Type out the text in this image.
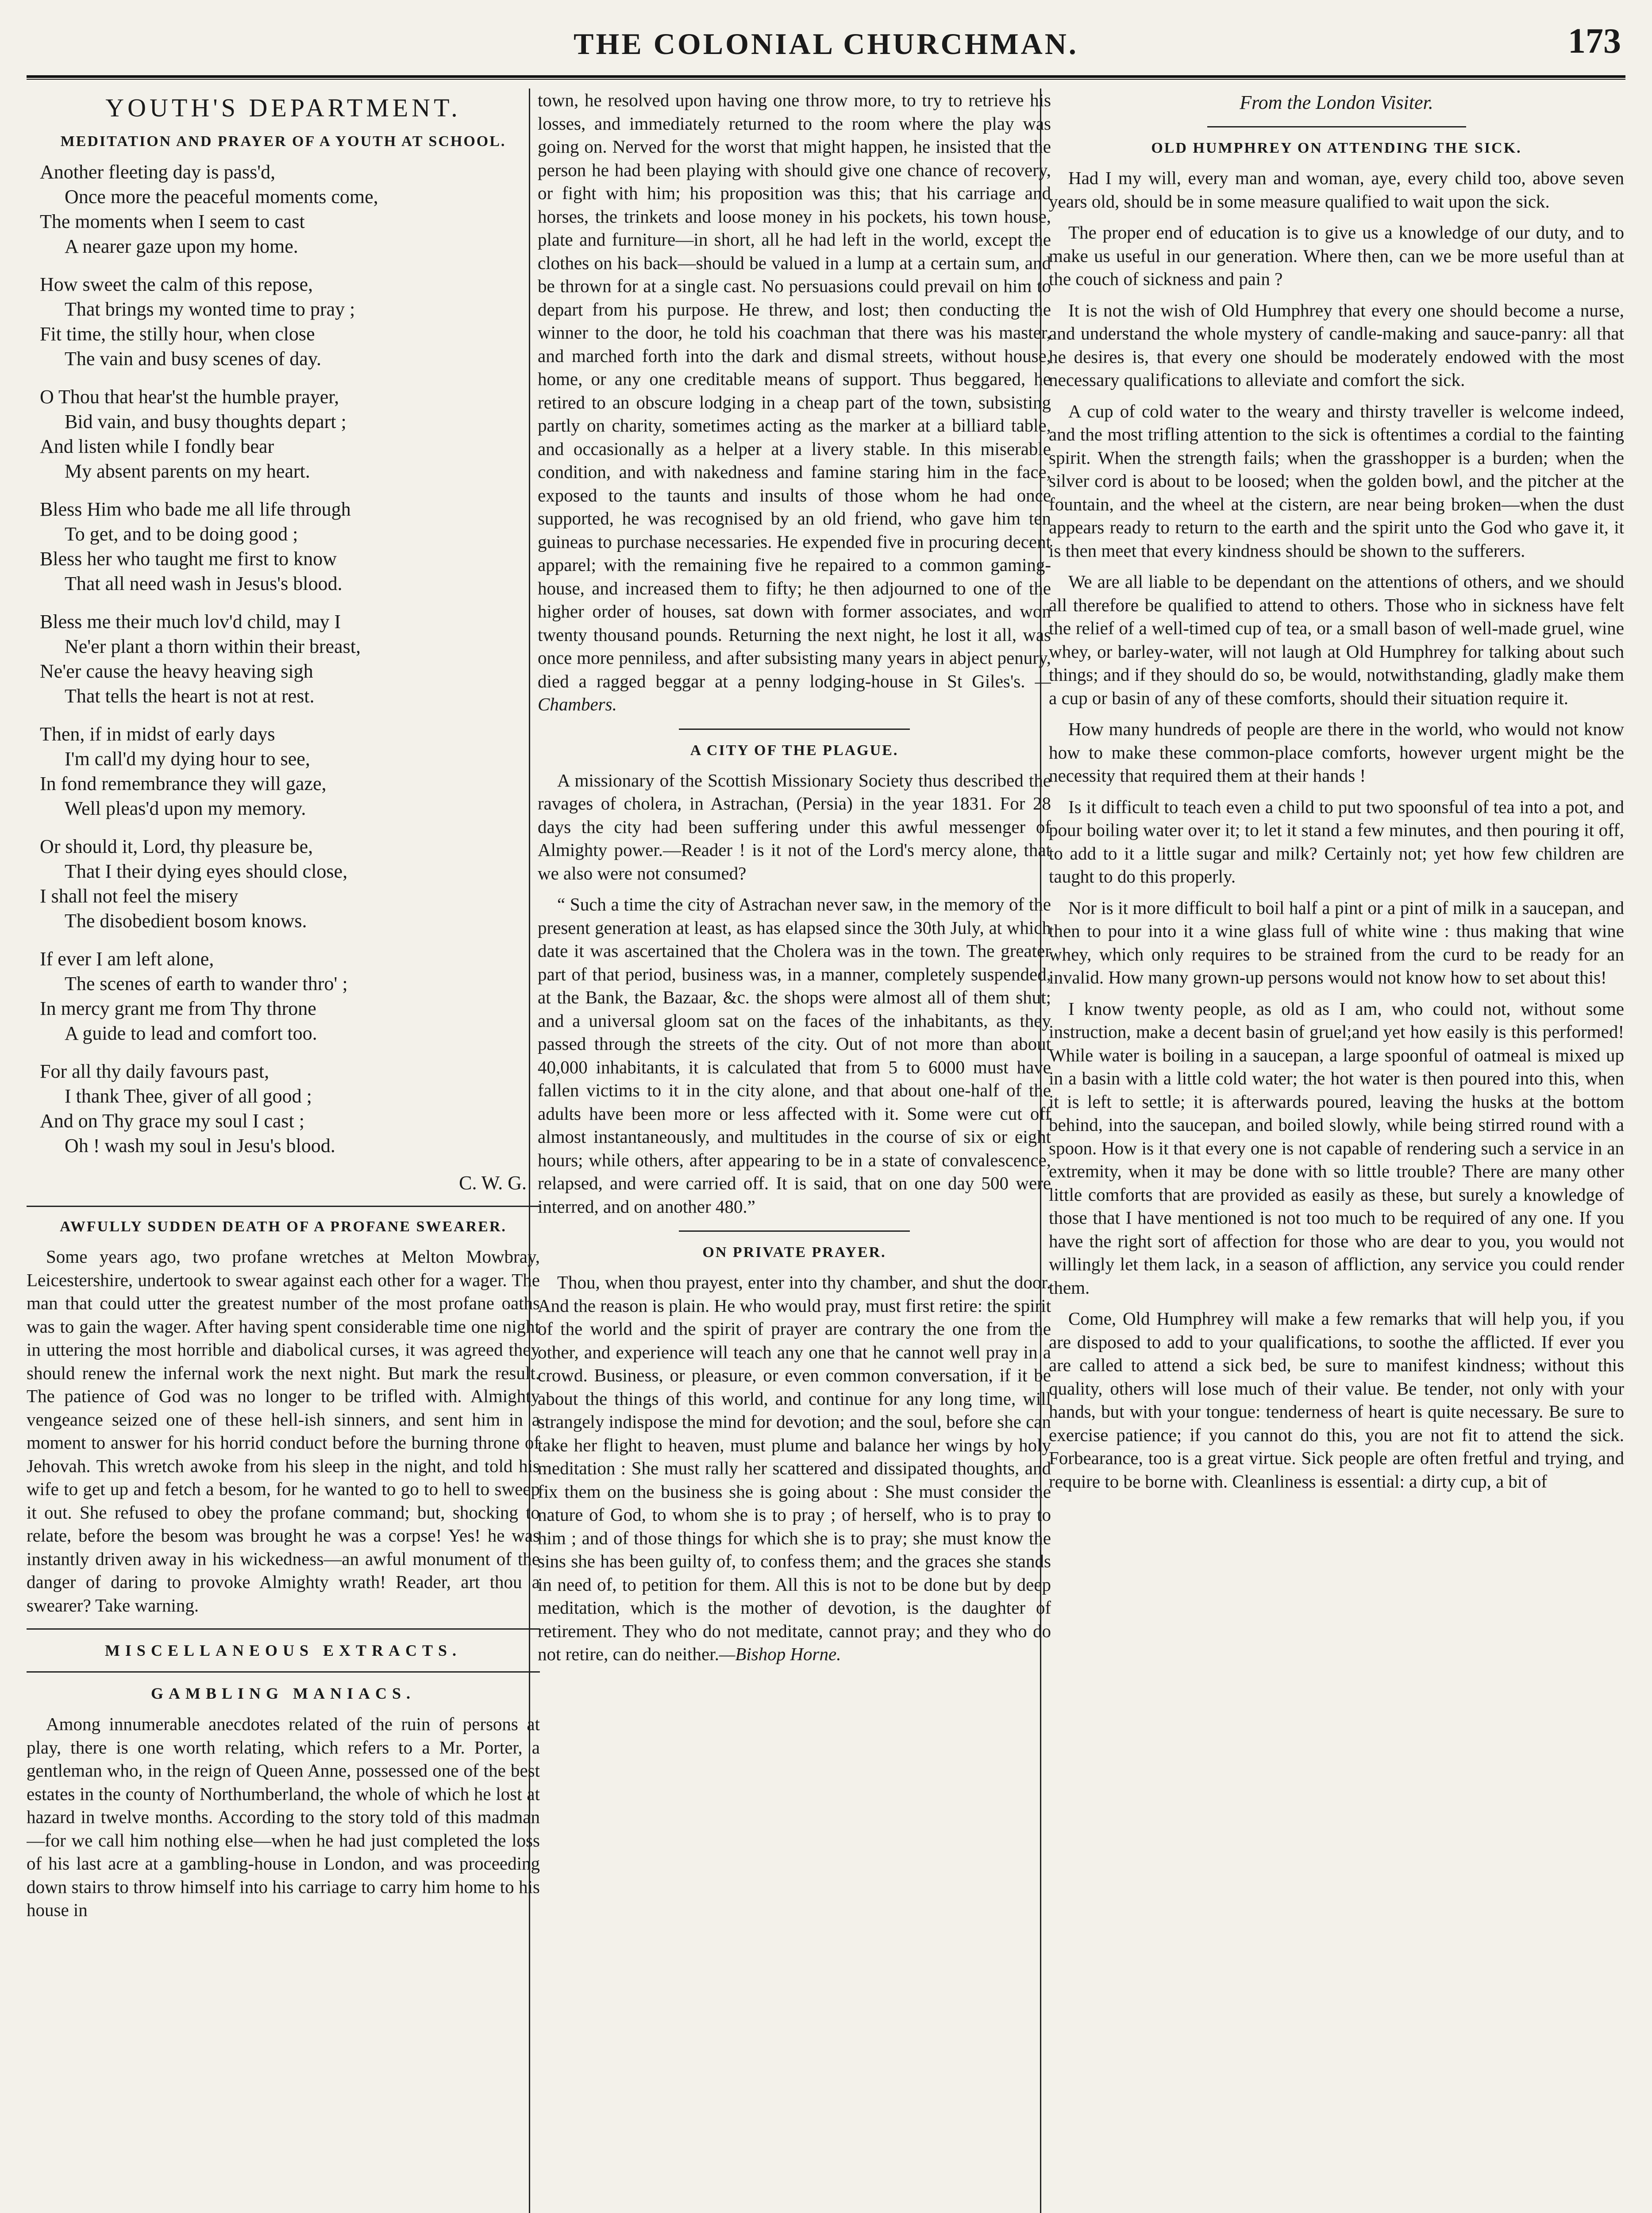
THE COLONIAL CHURCHMAN.	173
YOUTH'S DEPARTMENT.
MEDITATION AND PRAYER OF A YOUTH AT SCHOOL.
Another fleeting day is pass'd,
Once more the peaceful moments come,
The moments when I seem to cast
A nearer gaze upon my home.
How sweet the calm of this repose,
That brings my wonted time to pray ;
Fit time, the stilly hour, when close
The vain and busy scenes of day.
O Thou that hear'st the humble prayer,
Bid vain, and busy thoughts depart ;
And listen while I fondly bear
My absent parents on my heart.
Bless Him who bade me all life through
To get, and to be doing good ;
Bless her who taught me first to know
That all need wash in Jesus's blood.
Bless me their much lov'd child, may I
Ne'er plant a thorn within their breast,
Ne'er cause the heavy heaving sigh
That tells the heart is not at rest.
Then, if in midst of early days
I'm call'd my dying hour to see,
In fond remembrance they will gaze,
Well pleas'd upon my memory.
Or should it, Lord, thy pleasure be,
That I their dying eyes should close,
I shall not feel the misery
The disobedient bosom knows.
If ever I am left alone,
The scenes of earth to wander thro' ;
In mercy grant me from Thy throne
A guide to lead and comfort too.
For all thy daily favours past,
I thank Thee, giver of all good ;
And on Thy grace my soul I cast ;
Oh ! wash my soul in Jesu's blood.
C. W. G.
AWFULLY SUDDEN DEATH OF A PROFANE SWEARER.

Some years ago, two profane wretches at Melton Mowbray, Leicestershire, undertook to swear against each other for a wager. The man that could utter the greatest number of the most profane oaths was to gain the wager. After having spent considerable time one night in uttering the most horrible and diabolical curses, it was agreed they should renew the infernal work the next night. But mark the result. The patience of God was no longer to be trifled with. Almighty vengeance seized one of these hell-ish sinners, and sent him in a moment to answer for his horrid conduct before the burning throne of Jehovah. This wretch awoke from his sleep in the night, and told his wife to get up and fetch a besom, for he wanted to go to hell to sweep it out. She refused to obey the profane command; but, shocking to relate, before the besom was brought he was a corpse! Yes! he was instantly driven away in his wickedness—an awful monument of the danger of daring to provoke Almighty wrath! Reader, art thou a swearer? Take warning.

MISCELLANEOUS EXTRACTS.
GAMBLING MANIACS.

Among innumerable anecdotes related of the ruin of persons at play, there is one worth relating, which refers to a Mr. Porter, a gentleman who, in the reign of Queen Anne, possessed one of the best estates in the county of Northumberland, the whole of which he lost at hazard in twelve months. According to the story told of this madman—for we call him nothing else—when he had just completed the loss of his last acre at a gambling-house in London, and was proceeding down stairs to throw himself into his carriage to carry him home to his house in

town, he resolved upon having one throw more, to try to retrieve his losses, and immediately returned to the room where the play was going on. Nerved for the worst that might happen, he insisted that the person he had been playing with should give one chance of recovery, or fight with him; his proposition was this; that his carriage and horses, the trinkets and loose money in his pockets, his town house, plate and furniture—in short, all he had left in the world, except the clothes on his back—should be valued in a lump at a certain sum, and be thrown for at a single cast. No persuasions could prevail on him to depart from his purpose. He threw, and lost; then conducting the winner to the door, he told his coachman that there was his master, and marched forth into the dark and dismal streets, without house, home, or any one creditable means of support. Thus beggared, he retired to an obscure lodging in a cheap part of the town, subsisting partly on charity, sometimes acting as the marker at a billiard table, and occasionally as a helper at a livery stable. In this miserable condition, and with nakedness and famine staring him in the face, exposed to the taunts and insults of those whom he had once supported, he was recognised by an old friend, who gave him ten guineas to purchase necessaries. He expended five in procuring decent apparel; with the remaining five he repaired to a common gaming-house, and increased them to fifty; he then adjourned to one of the higher order of houses, sat down with former associates, and won twenty thousand pounds. Returning the next night, he lost it all, was once more penniless, and after subsisting many years in abject penury, died a ragged beggar at a penny lodging-house in St Giles's. —Chambers.

A CITY OF THE PLAGUE.

A missionary of the Scottish Missionary Society thus described the ravages of cholera, in Astrachan, (Persia) in the year 1831. For 28 days the city had been suffering under this awful messenger of Almighty power.—Reader ! is it not of the Lord's mercy alone, that we also were not consumed?

“ Such a time the city of Astrachan never saw, in the memory of the present generation at least, as has elapsed since the 30th July, at which date it was ascertained that the Cholera was in the town. The greater part of that period, business was, in a manner, completely suspended, at the Bank, the Bazaar, &c. the shops were almost all of them shut; and a universal gloom sat on the faces of the inhabitants, as they passed through the streets of the city. Out of not more than about 40,000 inhabitants, it is calculated that from 5 to 6000 must have fallen victims to it in the city alone, and that about one-half of the adults have been more or less affected with it. Some were cut off almost instantaneously, and multitudes in the course of six or eight hours; while others, after appearing to be in a state of convalescence, relapsed, and were carried off. It is said, that on one day 500 were interred, and on another 480.”

ON PRIVATE PRAYER.

Thou, when thou prayest, enter into thy chamber, and shut the door. And the reason is plain. He who would pray, must first retire: the spirit of the world and the spirit of prayer are contrary the one from the other, and experience will teach any one that he cannot well pray in a crowd. Business, or pleasure, or even common conversation, if it be about the things of this world, and continue for any long time, will strangely indispose the mind for devotion; and the soul, before she can take her flight to heaven, must plume and balance her wings by holy meditation : She must rally her scattered and dissipated thoughts, and fix them on the business she is going about : She must consider the nature of God, to whom she is to pray ; of herself, who is to pray to him ; and of those things for which she is to pray; she must know the sins she has been guilty of, to confess them; and the graces she stands in need of, to petition for them. All this is not to be done but by deep meditation, which is the mother of devotion, is the daughter of retirement. They who do not meditate, cannot pray; and they who do not retire, can do neither.—Bishop Horne.

From the London Visiter.
OLD HUMPHREY ON ATTENDING THE SICK.

Had I my will, every man and woman, aye, every child too, above seven years old, should be in some measure qualified to wait upon the sick.

The proper end of education is to give us a knowledge of our duty, and to make us useful in our generation. Where then, can we be more useful than at the couch of sickness and pain ?

It is not the wish of Old Humphrey that every one should become a nurse, and understand the whole mystery of candle-making and sauce-panry: all that he desires is, that every one should be moderately endowed with the most necessary qualifications to alleviate and comfort the sick.

A cup of cold water to the weary and thirsty traveller is welcome indeed, and the most trifling attention to the sick is oftentimes a cordial to the fainting spirit. When the strength fails; when the grasshopper is a burden; when the silver cord is about to be loosed; when the golden bowl, and the pitcher at the fountain, and the wheel at the cistern, are near being broken—when the dust appears ready to return to the earth and the spirit unto the God who gave it, it is then meet that every kindness should be shown to the sufferers.

We are all liable to be dependant on the attentions of others, and we should all therefore be qualified to attend to others. Those who in sickness have felt the relief of a well-timed cup of tea, or a small bason of well-made gruel, wine whey, or barley-water, will not laugh at Old Humphrey for talking about such things; and if they should do so, be would, notwithstanding, gladly make them a cup or basin of any of these comforts, should their situation require it.

How many hundreds of people are there in the world, who would not know how to make these common-place comforts, however urgent might be the necessity that required them at their hands !

Is it difficult to teach even a child to put two spoonsful of tea into a pot, and pour boiling water over it; to let it stand a few minutes, and then pouring it off, to add to it a little sugar and milk? Certainly not; yet how few children are taught to do this properly.

Nor is it more difficult to boil half a pint or a pint of milk in a saucepan, and then to pour into it a wine glass full of white wine : thus making that wine whey, which only requires to be strained from the curd to be ready for an invalid. How many grown-up persons would not know how to set about this!

I know twenty people, as old as I am, who could not, without some instruction, make a decent basin of gruel;and yet how easily is this performed! While water is boiling in a saucepan, a large spoonful of oatmeal is mixed up in a basin with a little cold water; the hot water is then poured into this, when it is left to settle; it is afterwards poured, leaving the husks at the bottom behind, into the saucepan, and boiled slowly, while being stirred round with a spoon. How is it that every one is not capable of rendering such a service in an extremity, when it may be done with so little trouble? There are many other little comforts that are provided as easily as these, but surely a knowledge of those that I have mentioned is not too much to be required of any one. If you have the right sort of affection for those who are dear to you, you would not willingly let them lack, in a season of affliction, any service you could render them.

Come, Old Humphrey will make a few remarks that will help you, if you are disposed to add to your qualifications, to soothe the afflicted. If ever you are called to attend a sick bed, be sure to manifest kindness; without this quality, others will lose much of their value. Be tender, not only with your hands, but with your tongue: tenderness of heart is quite necessary. Be sure to exercise patience; if you cannot do this, you are not fit to attend the sick. Forbearance, too is a great virtue. Sick people are often fretful and trying, and require to be borne with. Cleanliness is essential: a dirty cup, a bit of
